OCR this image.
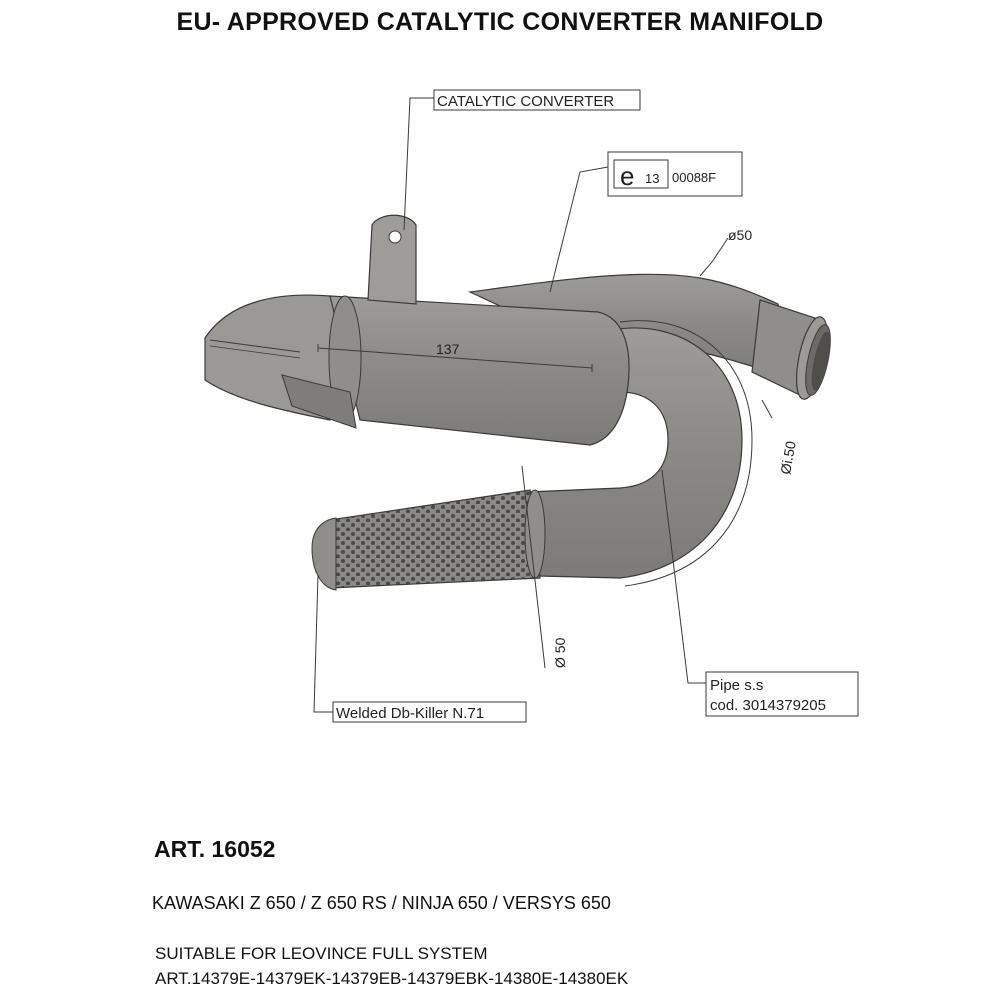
EU- APPROVED CATALYTIC CONVERTER MANIFOLD
CATALYTIC CONVERTER
e 13 00088F
ø50
137
Øi.50
Ø 50
Welded Db-Killer N.71
Pipe s.s
cod. 3014379205
ART. 16052
KAWASAKI Z 650 / Z 650 RS / NINJA 650 / VERSYS 650
SUITABLE FOR LEOVINCE FULL SYSTEM
ART.14379E-14379EK-14379EB-14379EBK-14380E-14380EK
